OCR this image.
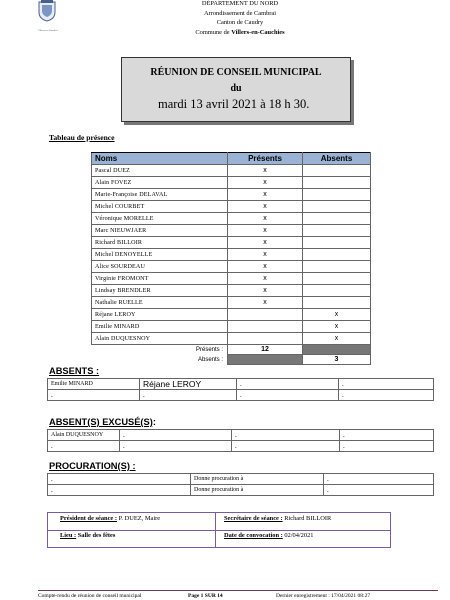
Villers-en-Cauchies
DÉPARTEMENT DU NORD
Arrondissement de Cambrai
Canton de Caudry
Commune de Villers-en-Cauchies
RÉUNION DE CONSEIL MUNICIPAL
du
mardi 13 avril 2021 à 18 h 30.
Tableau de présence
Noms	Présents	Absents
Pascal DUEZ	x	
Alain FOVEZ	x	
Marie-Françoise DELAVAL	x	
Michel COURBET	x	
Véronique MORELLE	x	
Marc NIEUWJAER	x	
Richard BILLOIR	x	
Michel DENOYELLE	x	
Alice SOURDEAU	x	
Virginie FROMONT	x	
Lindsay BRENDLER	x	
Nathalie RUELLE	x	
Réjane LEROY		x
Emilie MINARD		x
Alain DUQUESNOY		x
Présents :	12	
Absents :		3
ABSENTS :
Emilie MINARD	Réjane LEROY	.	.
.	.	.	.
ABSENT(S) EXCUSÉ(S):
Alain DUQUESNOY	.	.	.
.	.	.	.
PROCURATION(S) :
.	Donne procuration à	.
.	Donne procuration à	.
Président de séance : P. DUEZ, Maire	Secrétaire de séance : Richard BILLOIR
Lieu : Salle des fêtes	Date de convocation : 02/04/2021
Compte-rendu de réunion de conseil municipal	Page 1 SUR 14	Dernier enregistrement : 17/04/2021 08:27
